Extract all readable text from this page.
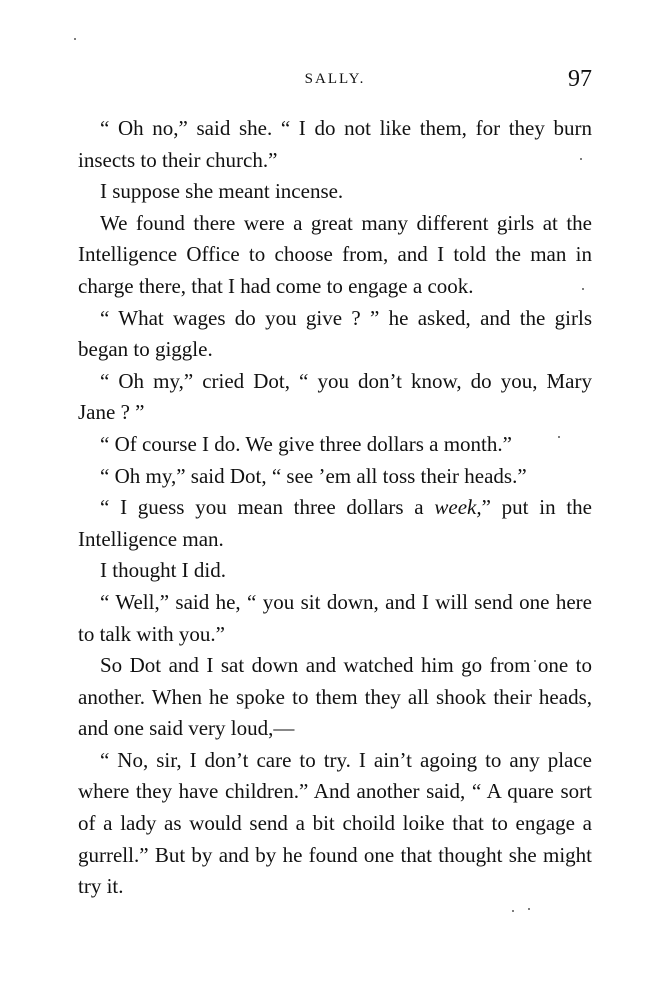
SALLY.	97

“ Oh no,” said she. “ I do not like them, for they burn insects to their church.”

I suppose she meant incense.

We found there were a great many different girls at the Intelligence Office to choose from, and I told the man in charge there, that I had come to engage a cook.

“ What wages do you give ? ” he asked, and the girls began to giggle.

“ Oh my,” cried Dot, “ you don’t know, do you, Mary Jane ? ”

“ Of course I do. We give three dollars a month.”

“ Oh my,” said Dot, “ see ’em all toss their heads.”

“ I guess you mean three dollars a week,” put in the Intelligence man.

I thought I did.

“ Well,” said he, “ you sit down, and I will send one here to talk with you.”

So Dot and I sat down and watched him go from one to another. When he spoke to them they all shook their heads, and one said very loud,—

“ No, sir, I don’t care to try. I ain’t agoing to any place where they have children.” And another said, “ A quare sort of a lady as would send a bit choild loike that to engage a gurrell.” But by and by he found one that thought she might try it.
